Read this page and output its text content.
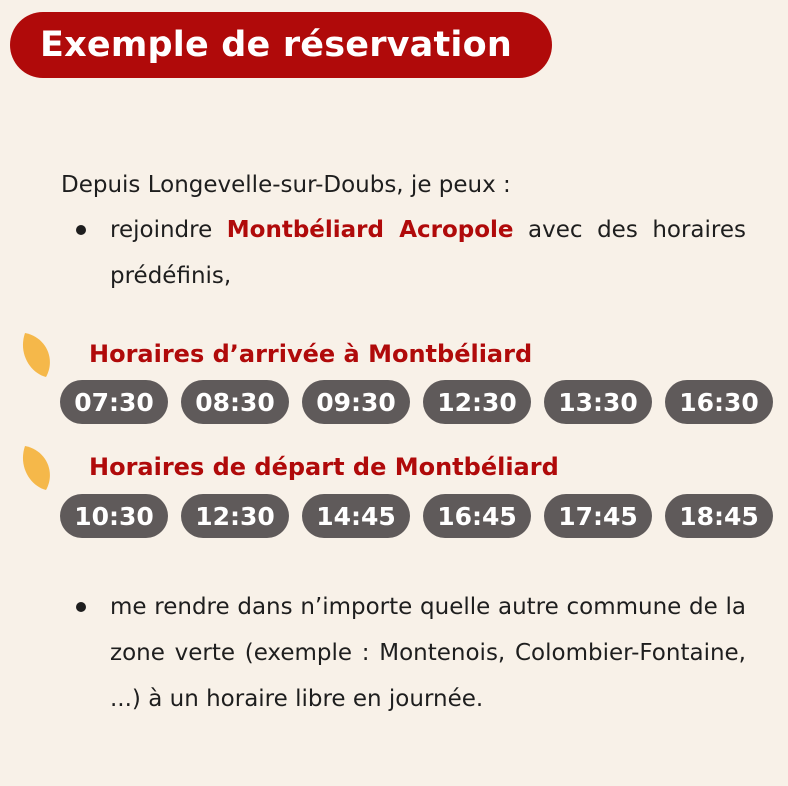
Exemple de réservation
Depuis Longevelle-sur-Doubs, je peux :
rejoindre Montbéliard Acropole avec des horaires prédéfinis,
Horaires d’arrivée à Montbéliard
07:30	08:30	09:30	12:30	13:30	16:30
Horaires de départ de Montbéliard
10:30	12:30	14:45	16:45	17:45	18:45
me rendre dans n’importe quelle autre commune de la zone verte (exemple : Montenois, Colombier-Fontaine, ...) à un horaire libre en journée.
